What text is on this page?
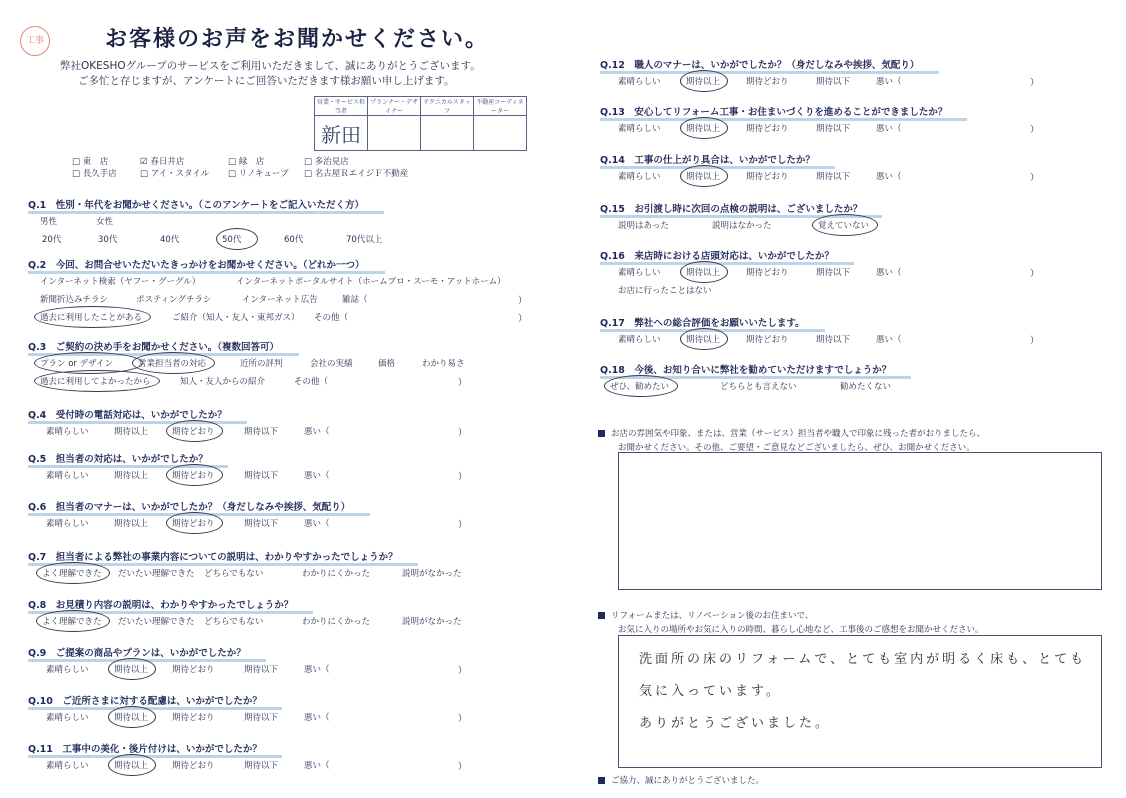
工事	お客様のお声をお聞かせください。
弊社OKESHOグループのサービスをご利用いただきまして、誠にありがとうございます。
ご多忙と存じますが、アンケートにご回答いただきます様お願い申し上げます。
営業・サービス担当者	プランナー・デザイナー	テクニカルスタッフ	不動産コーディネーター
新田			
□ 東　店	☑ 春日井店	□ 緑　店	□ 多治見店
□ 長久手店	□ アイ・スタイル □ リノキューブ □ 名古屋ＲエイジＦ不動産
Q.1　性別・年代をお聞かせください。（このアンケートをご記入いただく方）
男性	女性
20代	30代	40代	50代	60代	70代以上
Q.2　今回、お問合せいただいたきっかけをお聞かせください。（どれか一つ）
インターネット検索（ヤフー・グーグル）	インターネットポータルサイト（ホームプロ・スーモ・アットホーム）
新聞折込みチラシ	ポスティングチラシ	インターネット広告	雑誌（	）
過去に利用したことがある	ご紹介（知人・友人・東邦ガス） その他（	）
Q.3　ご契約の決め手をお聞かせください。（複数回答可）
プラン or デザイン	営業担当者の対応	近所の評判	会社の実績	価格	わかり易さ
過去に利用してよかったから	知人・友人からの紹介	その他（	）
Q.4　受付時の電話対応は、いかがでしたか？
素晴らしい	期待以上	期待どおり	期待以下	悪い（	）
Q.5　担当者の対応は、いかがでしたか？
素晴らしい	期待以上	期待どおり	期待以下	悪い（	）
Q.6　担当者のマナーは、いかがでしたか？（身だしなみや挨拶、気配り）
素晴らしい	期待以上	期待どおり	期待以下	悪い（	）
Q.7　担当者による弊社の事業内容についての説明は、わかりやすかったでしょうか？
よく理解できた だいたい理解できた どちらでもない	わかりにくかった	説明がなかった
Q.8　お見積り内容の説明は、わかりやすかったでしょうか？
よく理解できた だいたい理解できた どちらでもない	わかりにくかった	説明がなかった
Q.9　ご提案の商品やプランは、いかがでしたか？
素晴らしい	期待以上	期待どおり	期待以下	悪い（	）
Q.10　ご近所さまに対する配慮は、いかがでしたか？
素晴らしい	期待以上	期待どおり	期待以下	悪い（	）
Q.11　工事中の美化・後片付けは、いかがでしたか？
素晴らしい	期待以上	期待どおり	期待以下	悪い（	）
Q.12　職人のマナーは、いかがでしたか？（身だしなみや挨拶、気配り）
素晴らしい	期待以上	期待どおり	期待以下	悪い（	）
Q.13　安心してリフォーム工事・お住まいづくりを進めることができましたか？
素晴らしい	期待以上	期待どおり	期待以下	悪い（	）
Q.14　工事の仕上がり具合は、いかがでしたか？
素晴らしい	期待以上	期待どおり	期待以下	悪い（	）
Q.15　お引渡し時に次回の点検の説明は、ございましたか？
説明はあった	説明はなかった	覚えていない
Q.16　来店時における店頭対応は、いかがでしたか？
素晴らしい	期待以上	期待どおり	期待以下	悪い（	）
お店に行ったことはない
Q.17　弊社への総合評価をお願いいたします。
素晴らしい	期待以上	期待どおり	期待以下	悪い（	）
Q.18　今後、お知り合いに弊社を勧めていただけますでしょうか？
ぜひ、勧めたい	どちらとも言えない	勧めたくない
お店の雰囲気や印象、または、営業（サービス）担当者や職人で印象に残った者がおりましたら、
お聞かせください。その他、ご要望・ご意見などございましたら、ぜひ、お聞かせください。
リフォームまたは、リノベーション後のお住まいで、
お気に入りの場所やお気に入りの時間、暮らし心地など、工事後のご感想をお聞かせください。
洗面所の床のリフォームで、とても室内が明るく床も、とても
気に入っています。
ありがとうございました。
ご協力、誠にありがとうございました。
